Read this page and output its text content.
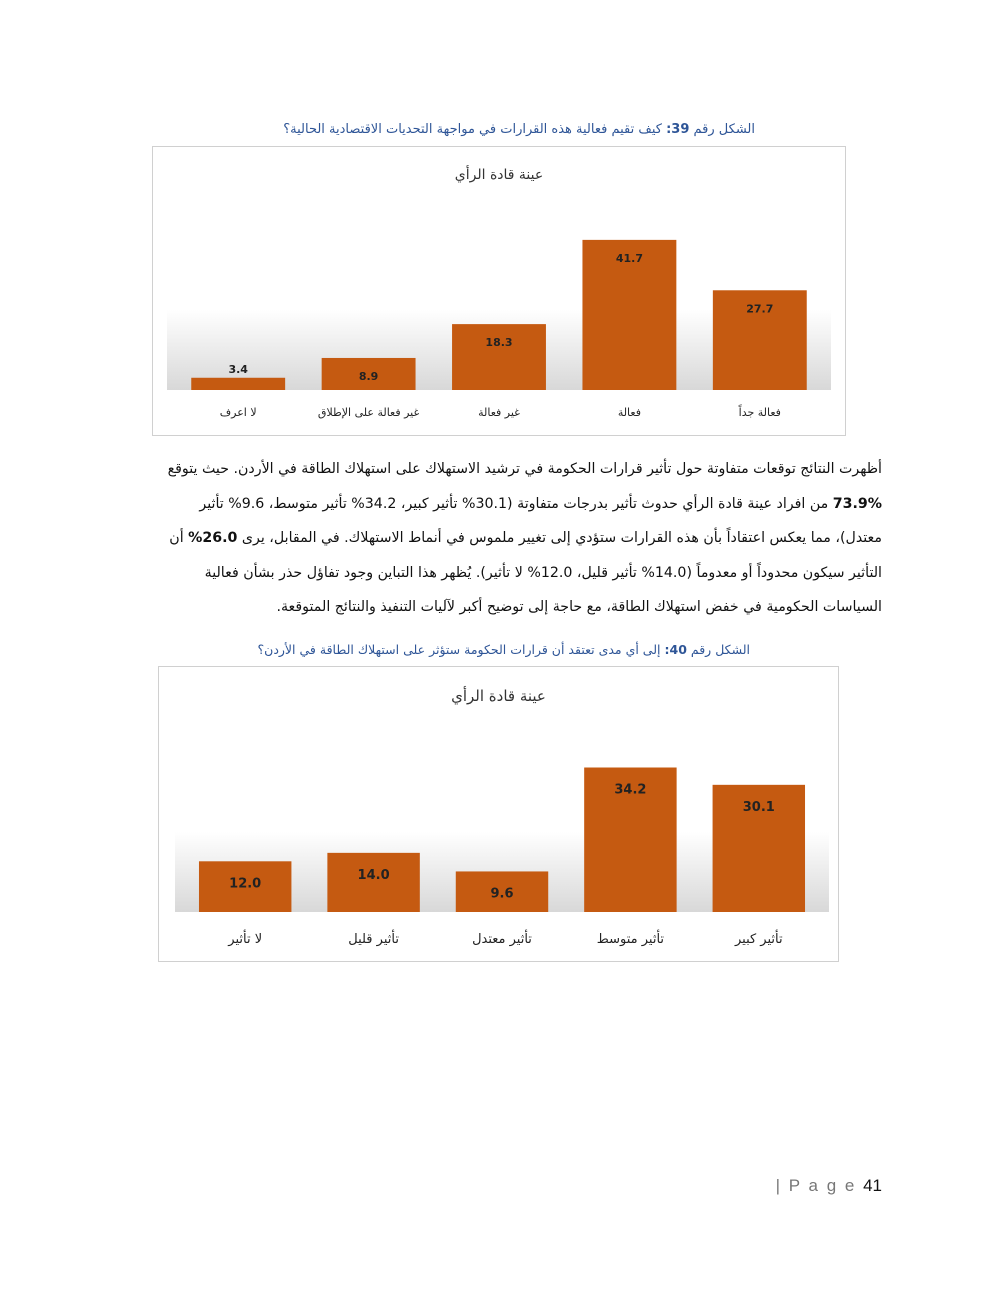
الشكل رقم 39: كيف تقيم فعالية هذه القرارات في مواجهة التحديات الاقتصادية الحالية؟
عينة قادة الرأي
3.4
لا اعرف
8.9
غير فعالة على الإطلاق
18.3
غير فعالة
41.7
فعالة
27.7
فعالة جداً
أظهرت النتائج توقعات متفاوتة حول تأثير قرارات الحكومة في ترشيد الاستهلاك على استهلاك الطاقة في الأردن. حيث يتوقع
73.9% من افراد عينة قادة الرأي حدوث تأثير بدرجات متفاوتة (30.1% تأثير كبير، 34.2% تأثير متوسط، 9.6% تأثير
معتدل)، مما يعكس اعتقاداً بأن هذه القرارات ستؤدي إلى تغيير ملموس في أنماط الاستهلاك. في المقابل، يرى 26.0% أن
التأثير سيكون محدوداً أو معدوماً (14.0% تأثير قليل، 12.0% لا تأثير). يُظهر هذا التباين وجود تفاؤل حذر بشأن فعالية
السياسات الحكومية في خفض استهلاك الطاقة، مع حاجة إلى توضيح أكبر لآليات التنفيذ والنتائج المتوقعة.
الشكل رقم 40: إلى أي مدى تعتقد أن قرارات الحكومة ستؤثر على استهلاك الطاقة في الأردن؟
عينة قادة الرأي
12.0
لا تأثير
14.0
تأثير قليل
9.6
تأثير معتدل
34.2
تأثير متوسط
30.1
تأثير كبير
| P a g e 41
